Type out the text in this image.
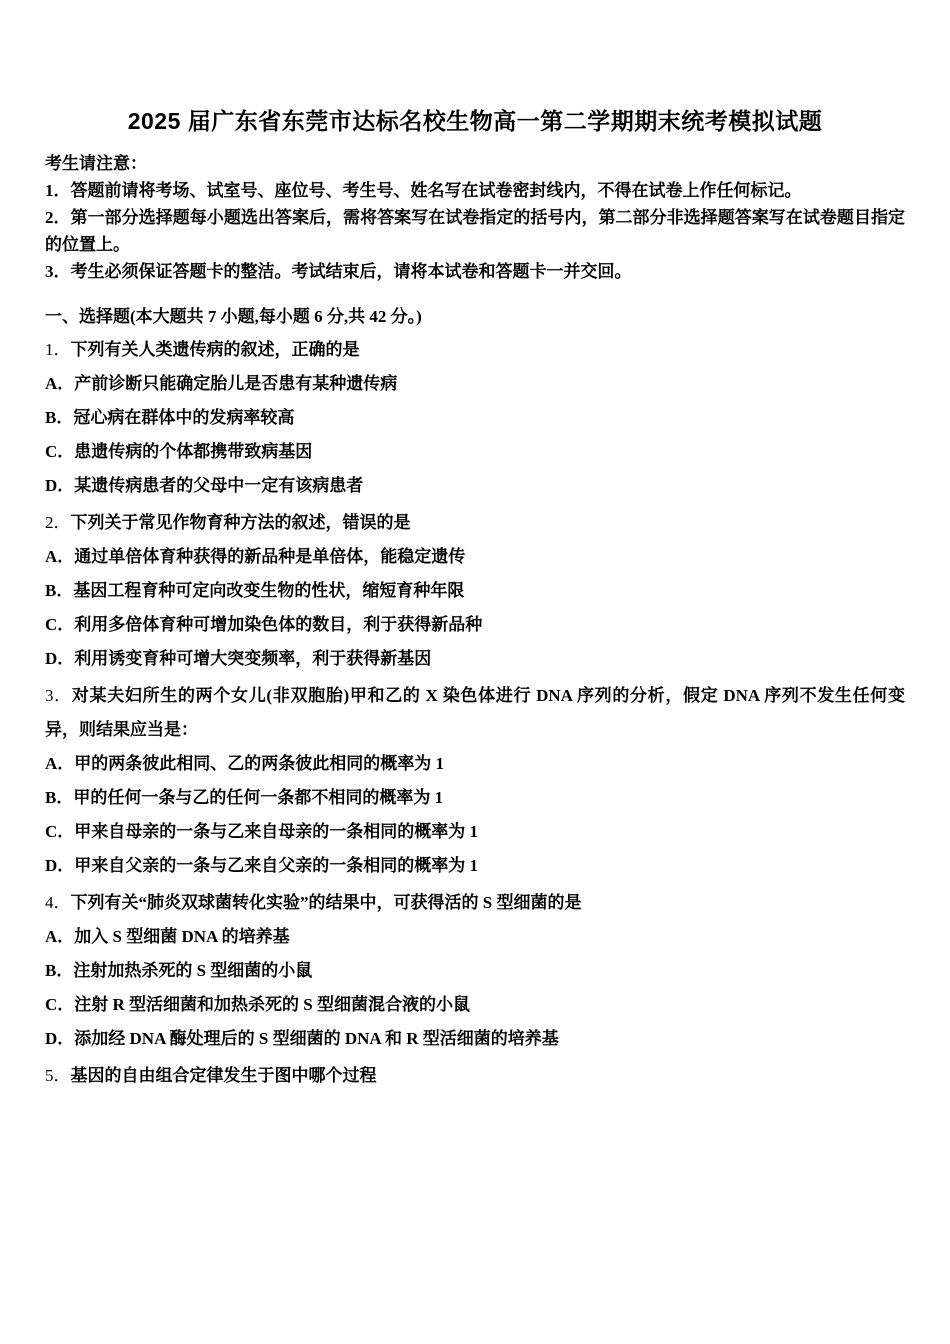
2025 届广东省东莞市达标名校生物高一第二学期期末统考模拟试题

考生请注意：

1．答题前请将考场、试室号、座位号、考生号、姓名写在试卷密封线内，不得在试卷上作任何标记。

2．第一部分选择题每小题选出答案后，需将答案写在试卷指定的括号内，第二部分非选择题答案写在试卷题目指定的位置上。

3．考生必须保证答题卡的整洁。考试结束后，请将本试卷和答题卡一并交回。

一、选择题(本大题共 7 小题,每小题 6 分,共 42 分。)

1．下列有关人类遗传病的叙述，正确的是

A．产前诊断只能确定胎儿是否患有某种遗传病

B．冠心病在群体中的发病率较高

C．患遗传病的个体都携带致病基因

D．某遗传病患者的父母中一定有该病患者

2．下列关于常见作物育种方法的叙述，错误的是

A．通过单倍体育种获得的新品种是单倍体，能稳定遗传

B．基因工程育种可定向改变生物的性状，缩短育种年限

C．利用多倍体育种可增加染色体的数目，利于获得新品种

D．利用诱变育种可增大突变频率，利于获得新基因

3．对某夫妇所生的两个女儿(非双胞胎)甲和乙的 X 染色体进行 DNA 序列的分析，假定 DNA 序列不发生任何变异，则结果应当是：

A．甲的两条彼此相同、乙的两条彼此相同的概率为 1

B．甲的任何一条与乙的任何一条都不相同的概率为 1

C．甲来自母亲的一条与乙来自母亲的一条相同的概率为 1

D．甲来自父亲的一条与乙来自父亲的一条相同的概率为 1

4．下列有关“肺炎双球菌转化实验”的结果中，可获得活的 S 型细菌的是

A．加入 S 型细菌 DNA 的培养基

B．注射加热杀死的 S 型细菌的小鼠

C．注射 R 型活细菌和加热杀死的 S 型细菌混合液的小鼠

D．添加经 DNA 酶处理后的 S 型细菌的 DNA 和 R 型活细菌的培养基

5．基因的自由组合定律发生于图中哪个过程
